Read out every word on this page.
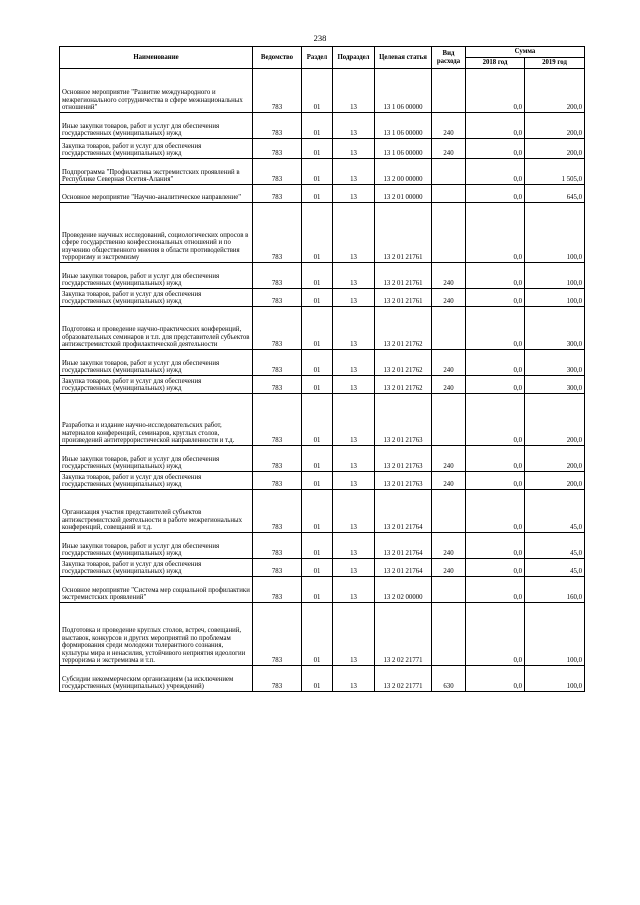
238
Наименование	Ведомство	Раздел	Подраздел	Целевая статья	Вид расхода	Сумма	
						2018 год	2019 год
Основное мероприятие "Развитие международного и межрегионального сотрудничества в сфере межнациональных отношений"	783	01	13	13 1 06 00000		0,0	200,0
Иные закупки товаров, работ и услуг для обеспечения государственных (муниципальных) нужд	783	01	13	13 1 06 00000	240	0,0	200,0
Закупка товаров, работ и услуг для обеспечения государственных (муниципальных) нужд	783	01	13	13 1 06 00000	240	0,0	200,0
Подпрограмма "Профилактика экстремистских проявлений в Республике Северная Осетия-Алания"	783	01	13	13 2 00 00000		0,0	1 505,0
Основное мероприятие "Научно-аналитическое направление"	783	01	13	13 2 01 00000		0,0	645,0
Проведение научных исследований, социологических опросов в сфере государственно конфессиональных отношений и по изучению общественного мнения в области противодействия терроризму и экстремизму	783	01	13	13 2 01 21761		0,0	100,0
Иные закупки товаров, работ и услуг для обеспечения государственных (муниципальных) нужд	783	01	13	13 2 01 21761	240	0,0	100,0
Закупка товаров, работ и услуг для обеспечения государственных (муниципальных) нужд	783	01	13	13 2 01 21761	240	0,0	100,0
Подготовка и проведение научно-практических конференций, образовательных семинаров и т.п. для представителей субъектов антиэкстремистской профилактической деятельности	783	01	13	13 2 01 21762		0,0	300,0
Иные закупки товаров, работ и услуг для обеспечения государственных (муниципальных) нужд	783	01	13	13 2 01 21762	240	0,0	300,0
Закупка товаров, работ и услуг для обеспечения государственных (муниципальных) нужд	783	01	13	13 2 01 21762	240	0,0	300,0
Разработка и издание научно-исследовательских работ, материалов конференций, семинаров, круглых столов, произведений антитеррористической направленности и т.д.	783	01	13	13 2 01 21763		0,0	200,0
Иные закупки товаров, работ и услуг для обеспечения государственных (муниципальных) нужд	783	01	13	13 2 01 21763	240	0,0	200,0
Закупка товаров, работ и услуг для обеспечения государственных (муниципальных) нужд	783	01	13	13 2 01 21763	240	0,0	200,0
Организация участия представителей субъектов антиэкстремистской деятельности в работе межрегиональных конференций, совещаний и т.д.	783	01	13	13 2 01 21764		0,0	45,0
Иные закупки товаров, работ и услуг для обеспечения государственных (муниципальных) нужд	783	01	13	13 2 01 21764	240	0,0	45,0
Закупка товаров, работ и услуг для обеспечения государственных (муниципальных) нужд	783	01	13	13 2 01 21764	240	0,0	45,0
Основное мероприятие "Система мер социальной профилактики экстремистских проявлений"	783	01	13	13 2 02 00000		0,0	160,0
Подготовка и проведение круглых столов, встреч, совещаний, выставок, конкурсов и других мероприятий по проблемам формирования среди молодежи толерантного сознания, культуры мира и ненасилия, устойчивого неприятия идеологии терроризма и экстремизма и т.п.	783	01	13	13 2 02 21771		0,0	100,0
Субсидии некоммерческим организациям (за исключением государственных (муниципальных) учреждений)	783	01	13	13 2 02 21771	630	0,0	100,0
